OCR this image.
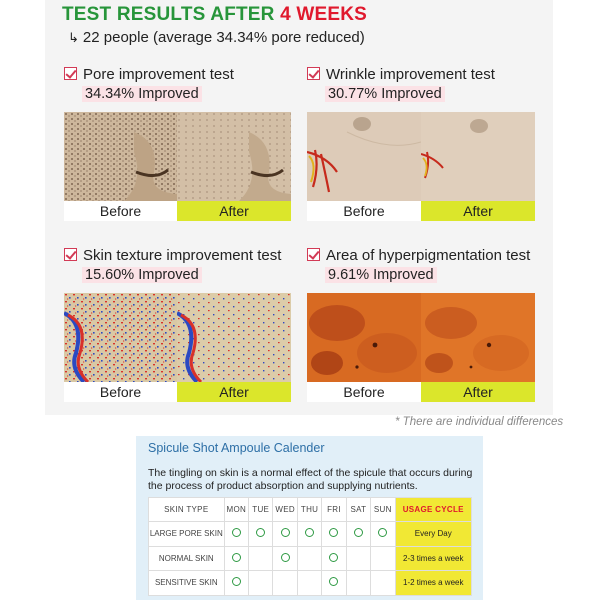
TEST RESULTS AFTER 4 WEEKS
↳ 22 people (average 34.34% pore reduced)
Pore improvement test
34.34% Improved
Before	After
Wrinkle improvement test
30.77% Improved
Before	After
Skin texture improvement test
15.60% Improved
Before	After
Area of hyperpigmentation test
9.61% Improved
Before	After
* There are individual differences
Spicule Shot Ampoule Calender
The tingling on skin is a normal effect of the spicule that occurs during the process of product absorption and supplying nutrients.
SKIN TYPE	MON	TUE	WED	THU	FRI	SAT	SUN	USAGE CYCLE
LARGE PORE SKIN								Every Day
NORMAL SKIN								2-3 times a week
SENSITIVE SKIN								1-2 times a week
